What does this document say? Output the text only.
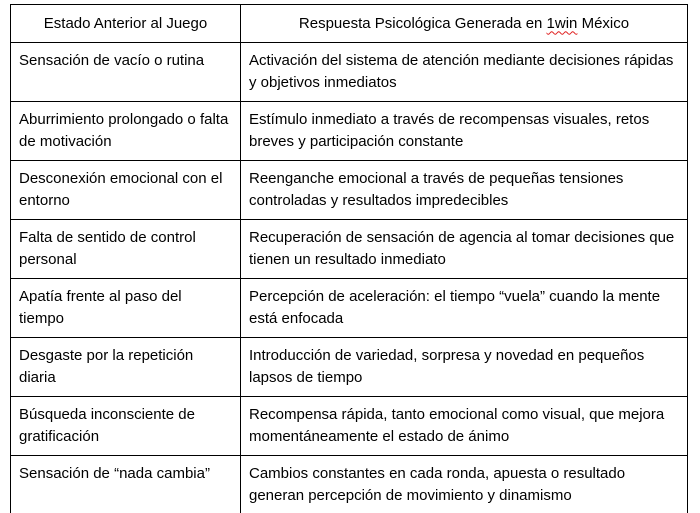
Estado Anterior al Juego	Respuesta Psicológica Generada en 1win México
Sensación de vacío o rutina	Activación del sistema de atención mediante decisiones rápidas y objetivos inmediatos
Aburrimiento prolongado o falta de motivación	Estímulo inmediato a través de recompensas visuales, retos breves y participación constante
Desconexión emocional con el entorno	Reenganche emocional a través de pequeñas tensiones controladas y resultados impredecibles
Falta de sentido de control personal	Recuperación de sensación de agencia al tomar decisiones que tienen un resultado inmediato
Apatía frente al paso del tiempo	Percepción de aceleración: el tiempo “vuela” cuando la mente está enfocada
Desgaste por la repetición diaria	Introducción de variedad, sorpresa y novedad en pequeños lapsos de tiempo
Búsqueda inconsciente de gratificación	Recompensa rápida, tanto emocional como visual, que mejora momentáneamente el estado de ánimo
Sensación de “nada cambia”	Cambios constantes en cada ronda, apuesta o resultado generan percepción de movimiento y dinamismo
